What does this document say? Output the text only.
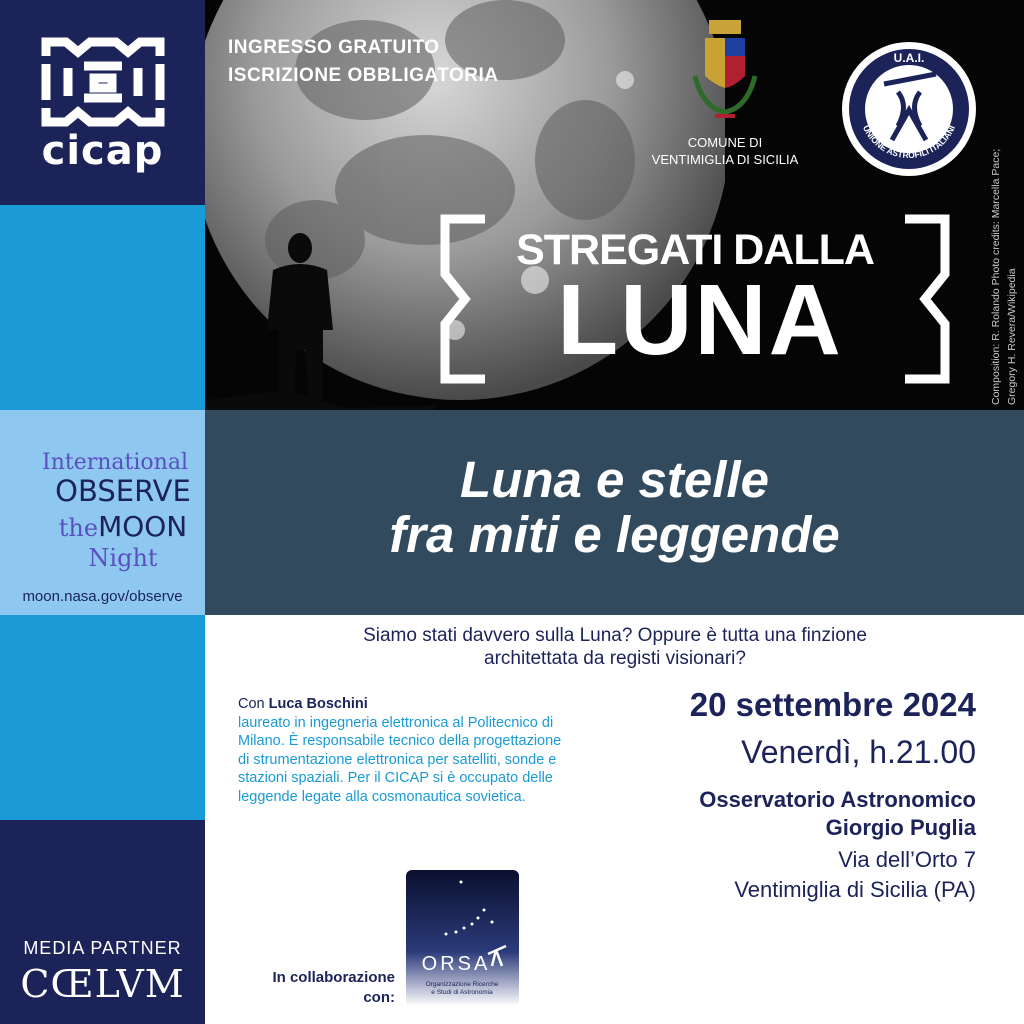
cicap
International
OBSERVE
theMOON
Night
moon.nasa.gov/observe
MEDIA PARTNER
CŒLVM
INGRESSO GRATUITO
ISCRIZIONE OBBLIGATORIA
COMUNE DI
VENTIMIGLIA DI SICILIA
U.A.I.
UNIONE ASTROFILI ITALIANI
STREGATI DALLA
LUNA	Composition: R. Rolando Photo credits: Marcella Pace; Gregory H. Revera/Wikipedia
Luna e stelle
fra miti e leggende
Siamo stati davvero sulla Luna? Oppure è tutta una finzione
architettata da registi visionari?
Con Luca Boschini
laureato in ingegneria elettronica al Politecnico di Milano. È responsabile tecnico della progettazione di strumentazione elettronica per satelliti, sonde e stazioni spaziali. Per il CICAP si è occupato delle leggende legate alla cosmonautica sovietica.
20 settembre 2024
Venerdì, h.21.00
Osservatorio Astronomico
Giorgio Puglia
Via dell’Orto 7
Ventimiglia di Sicilia (PA)
In collaborazione
con:
ORSA
Organizzazione Ricerche
e Studi di Astronomia
